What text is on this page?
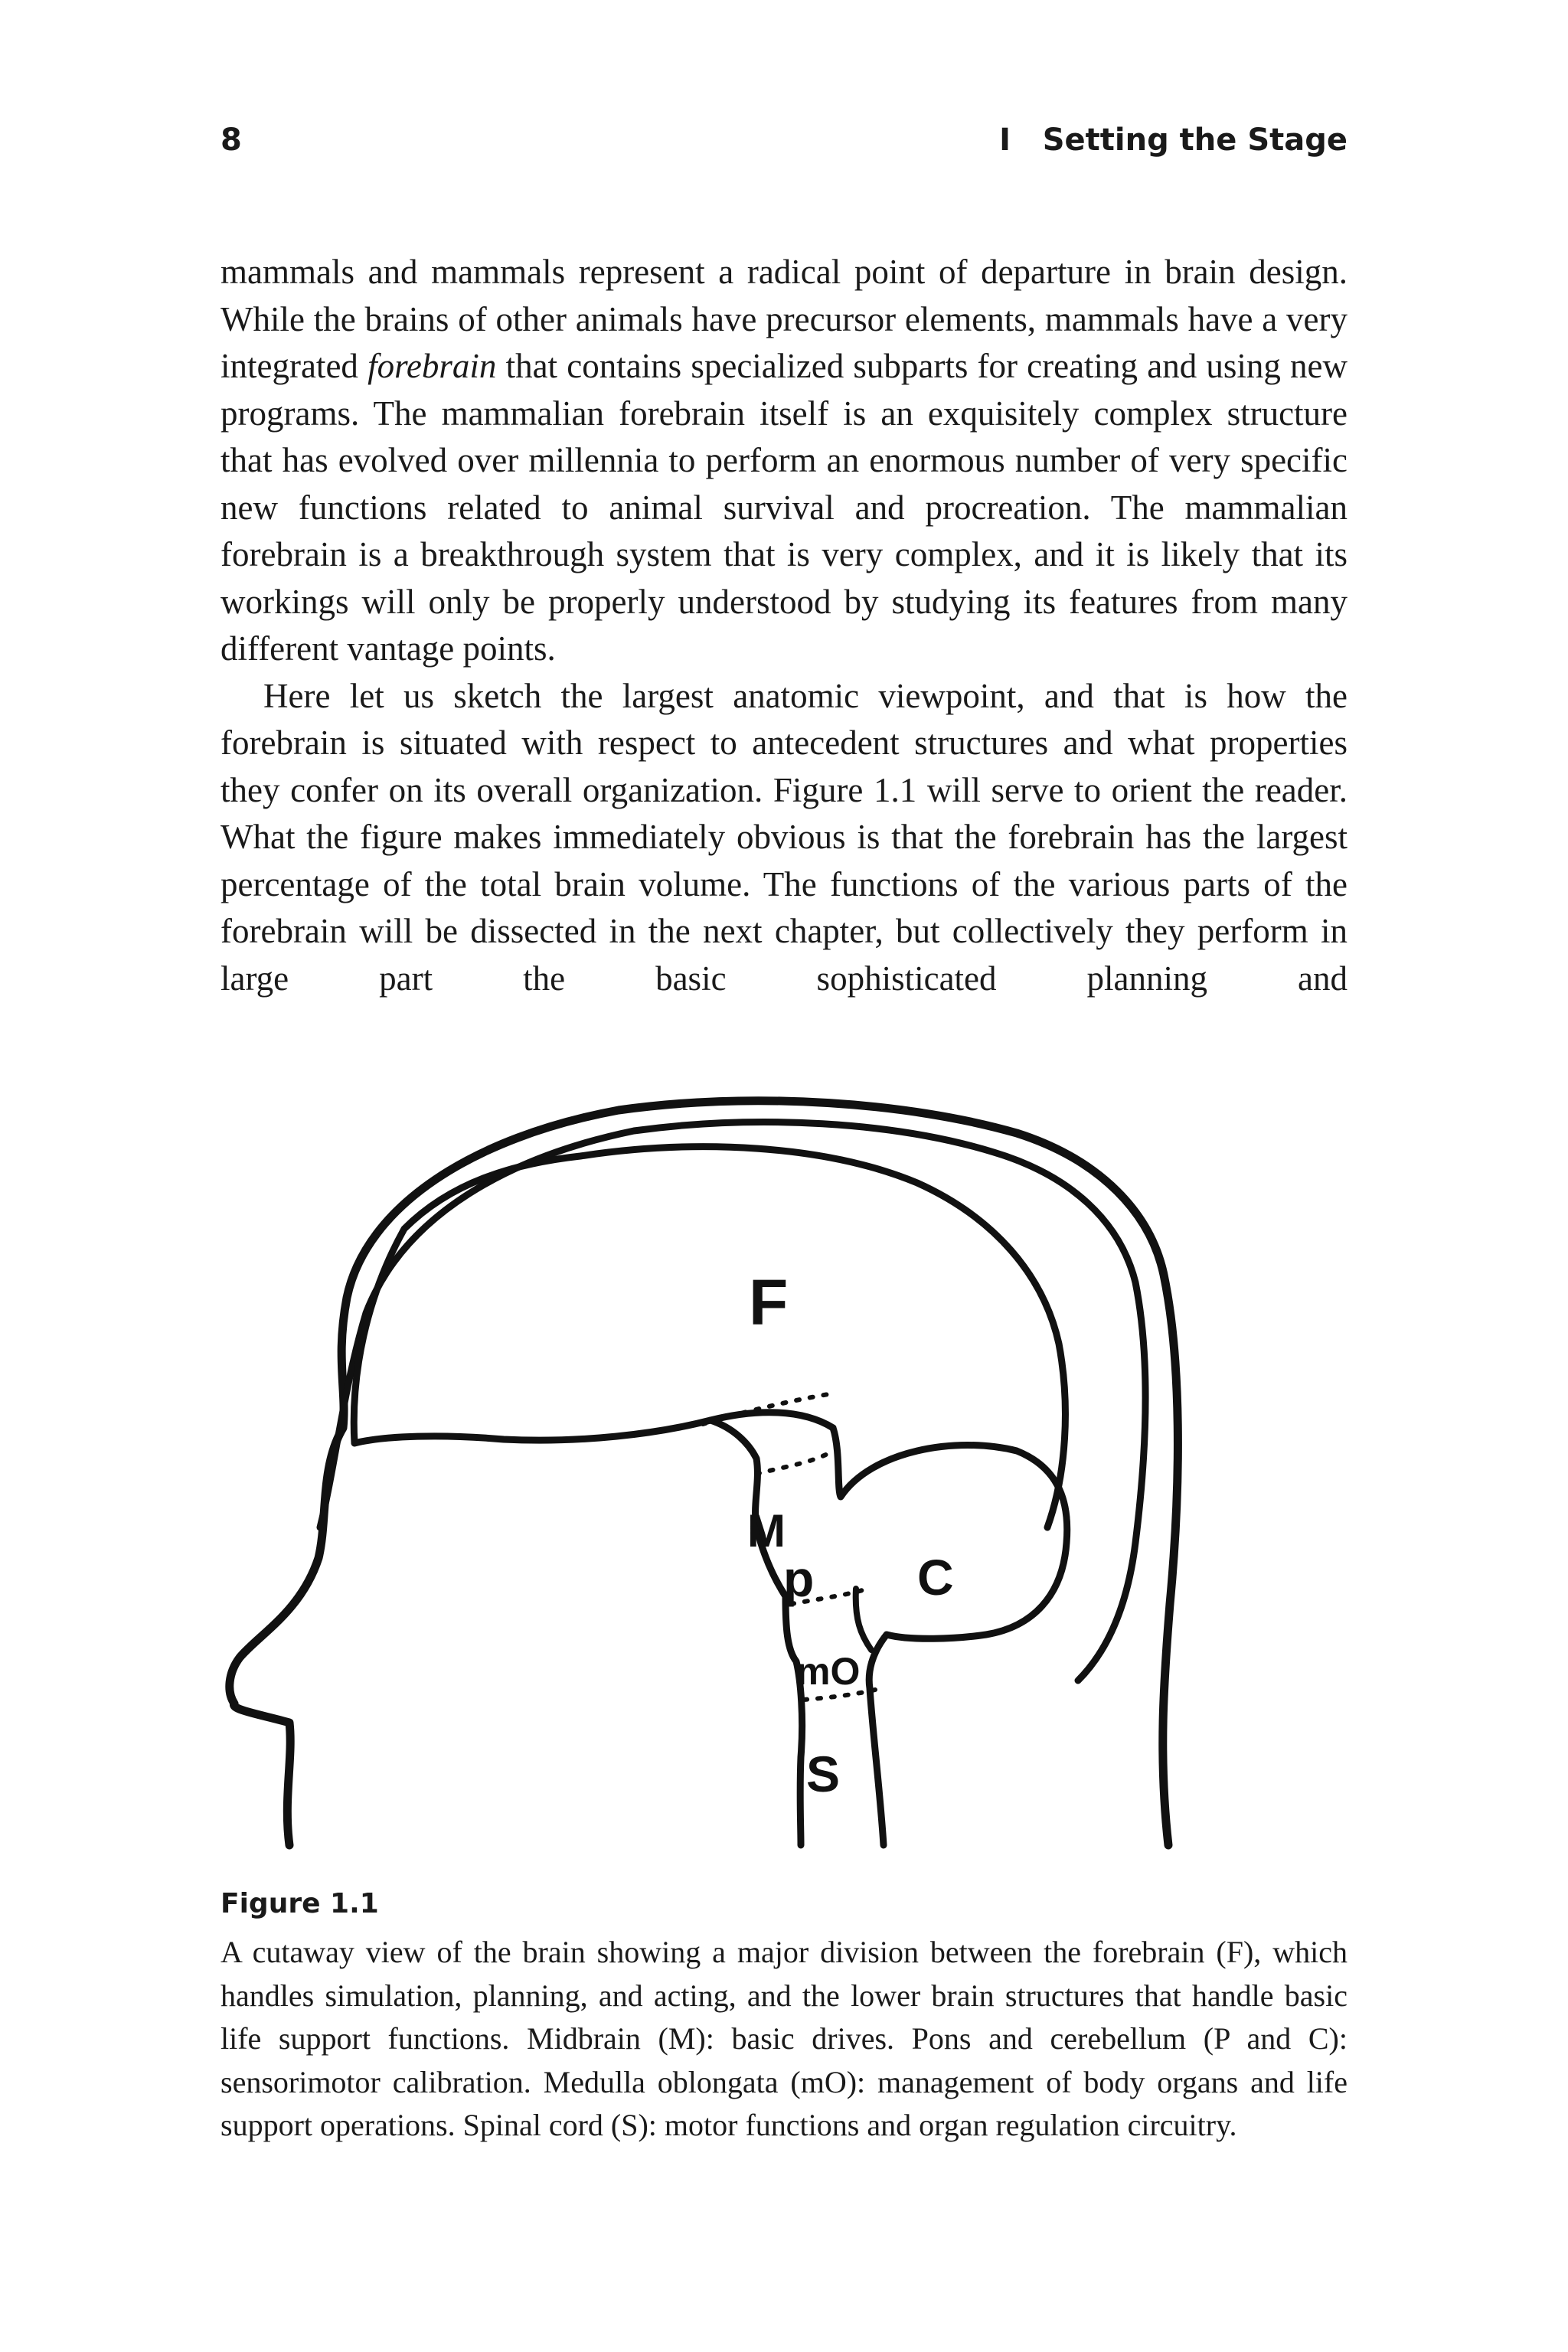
8	I   Setting the Stage

mammals and mammals represent a radical point of departure in brain design. While the brains of other animals have precursor elements, mammals have a very integrated forebrain that contains specialized subparts for creating and using new programs. The mammalian forebrain itself is an exquisitely complex structure that has evolved over millennia to perform an enormous number of very specific new functions related to animal survival and procreation. The mammalian forebrain is a breakthrough system that is very complex, and it is likely that its workings will only be properly understood by studying its features from many different vantage points.

Here let us sketch the largest anatomic viewpoint, and that is how the forebrain is situated with respect to antecedent structures and what properties they confer on its overall organization. Figure 1.1 will serve to orient the reader. What the figure makes immediately obvious is that the forebrain has the largest percentage of the total brain volume. The functions of the various parts of the forebrain will be dissected in the next chapter, but collectively they perform in large part the basic sophisticated planning and

F
M
p C
mO
S

Figure 1.1

A cutaway view of the brain showing a major division between the forebrain (F), which handles simulation, planning, and acting, and the lower brain structures that handle basic life support functions. Midbrain (M): basic drives. Pons and cerebellum (P and C): sensorimotor calibration. Medulla oblongata (mO): management of body organs and life support operations. Spinal cord (S): motor functions and organ regulation circuitry.
